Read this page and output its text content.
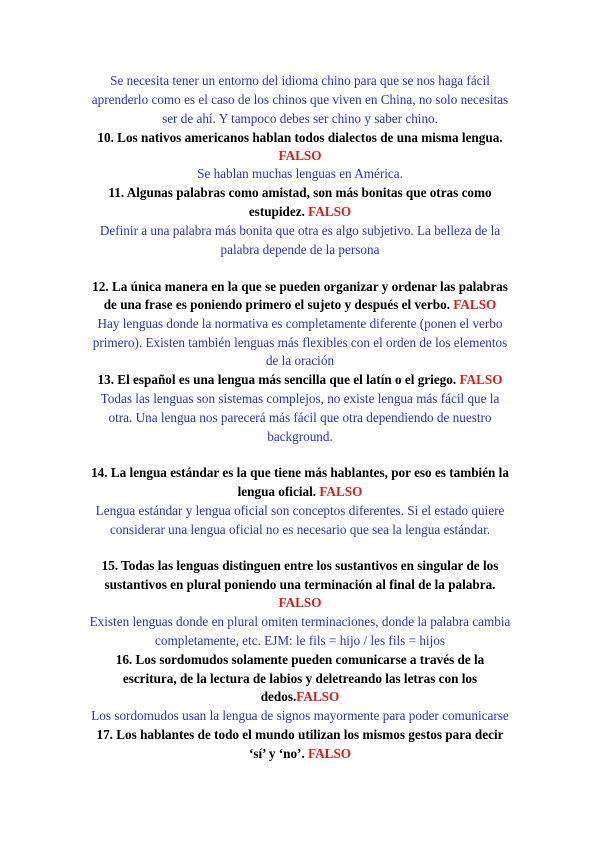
Se necesita tener un entorno del idioma chino para que se nos haga fácil
aprenderlo como es el caso de los chinos que viven en China, no solo necesitas
ser de ahí. Y tampoco debes ser chino y saber chino.
10. Los nativos americanos hablan todos dialectos de una misma lengua.
FALSO
Se hablan muchas lenguas en América.
11. Algunas palabras como amistad, son más bonitas que otras como
estupidez. FALSO
Definir a una palabra más bonita que otra es algo subjetivo. La belleza de la
palabra depende de la persona
12. La única manera en la que se pueden organizar y ordenar las palabras
de una frase es poniendo primero el sujeto y después el verbo. FALSO
Hay lenguas donde la normativa es completamente diferente (ponen el verbo
primero). Existen también lenguas más flexibles con el orden de los elementos
de la oración
13. El español es una lengua más sencilla que el latín o el griego. FALSO
Todas las lenguas son sistemas complejos, no existe lengua más fácil que la
otra. Una lengua nos parecerá más fácil que otra dependiendo de nuestro
background.
14. La lengua estándar es la que tiene más hablantes, por eso es también la
lengua oficial. FALSO
Lengua estándar y lengua oficial son conceptos diferentes. Si el estado quiere
considerar una lengua oficial no es necesario que sea la lengua estándar.
15. Todas las lenguas distinguen entre los sustantivos en singular de los
sustantivos en plural poniendo una terminación al final de la palabra.
FALSO
Existen lenguas donde en plural omiten terminaciones, donde la palabra cambia
completamente, etc. EJM: le fils = hijo / les fils = hijos
16. Los sordomudos solamente pueden comunicarse a través de la
escritura, de la lectura de labios y deletreando las letras con los
dedos.FALSO
Los sordomudos usan la lengua de signos mayormente para poder comunicarse
17. Los hablantes de todo el mundo utilizan los mismos gestos para decir
‘sí’ y ‘no’. FALSO
